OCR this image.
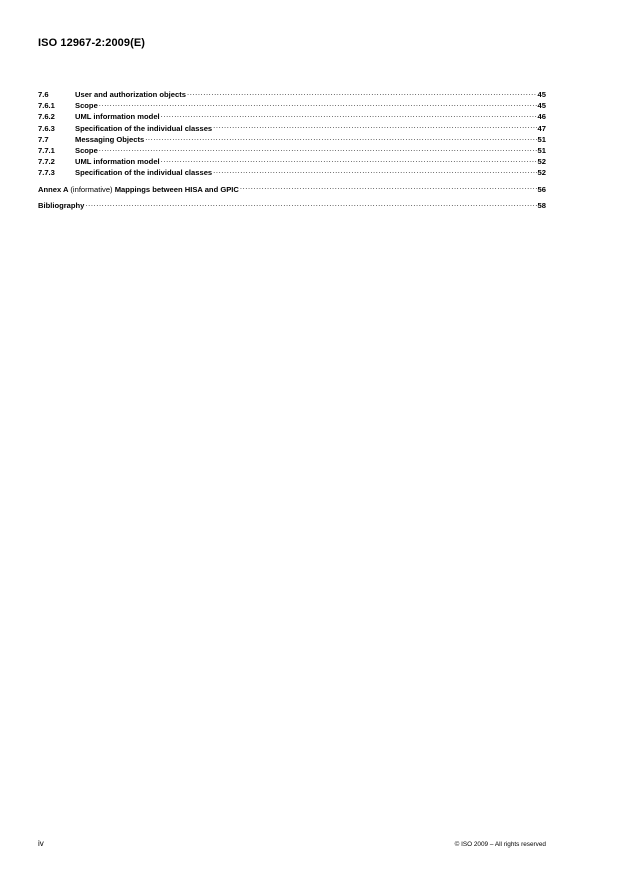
ISO 12967-2:2009(E)
7.6	User and authorization objects .....	45
7.6.1	Scope .....	45
7.6.2	UML information model .....	46
7.6.3	Specification of the individual classes .....	47
7.7	Messaging Objects .....	51
7.7.1	Scope .....	51
7.7.2	UML information model .....	52
7.7.3	Specification of the individual classes .....	52
Annex A (informative) Mappings between HISA and GPIC .....	56
Bibliography .....	58
iv	© ISO 2009 – All rights reserved
